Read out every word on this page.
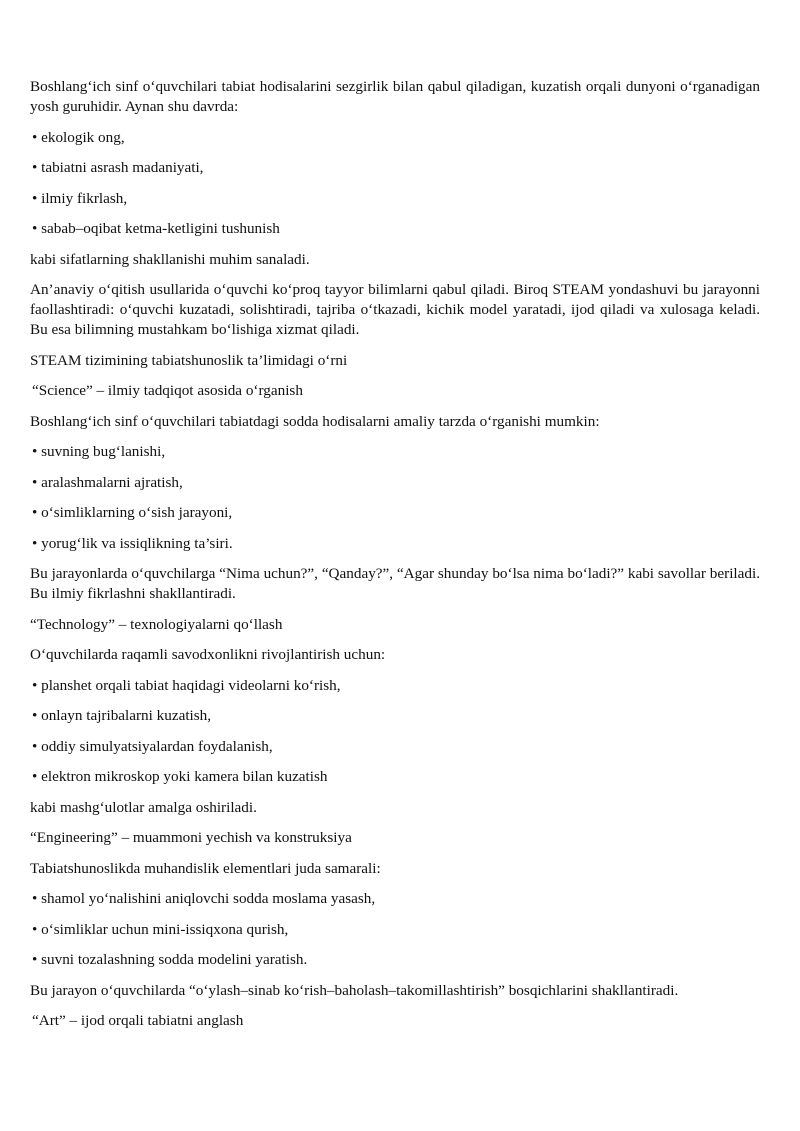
Boshlang‘ich sinf o‘quvchilari tabiat hodisalarini sezgirlik bilan qabul qiladigan, kuzatish orqali dunyoni o‘rganadigan yosh guruhidir. Aynan shu davrda:

• ekologik ong,

• tabiatni asrash madaniyati,

• ilmiy fikrlash,

• sabab–oqibat ketma-ketligini tushunish

kabi sifatlarning shakllanishi muhim sanaladi.

An’anaviy o‘qitish usullarida o‘quvchi ko‘proq tayyor bilimlarni qabul qiladi. Biroq STEAM yondashuvi bu jarayonni faollashtiradi: o‘quvchi kuzatadi, solishtiradi, tajriba o‘tkazadi, kichik model yaratadi, ijod qiladi va xulosaga keladi. Bu esa bilimning mustahkam bo‘lishiga xizmat qiladi.

STEAM tizimining tabiatshunoslik ta’limidagi o‘rni

“Science” – ilmiy tadqiqot asosida o‘rganish

Boshlang‘ich sinf o‘quvchilari tabiatdagi sodda hodisalarni amaliy tarzda o‘rganishi mumkin:

• suvning bug‘lanishi,

• aralashmalarni ajratish,

• o‘simliklarning o‘sish jarayoni,

• yorug‘lik va issiqlikning ta’siri.

Bu jarayonlarda o‘quvchilarga “Nima uchun?”, “Qanday?”, “Agar shunday bo‘lsa nima bo‘ladi?” kabi savollar beriladi. Bu ilmiy fikrlashni shakllantiradi.

“Technology” – texnologiyalarni qo‘llash

O‘quvchilarda raqamli savodxonlikni rivojlantirish uchun:

• planshet orqali tabiat haqidagi videolarni ko‘rish,

• onlayn tajribalarni kuzatish,

• oddiy simulyatsiyalardan foydalanish,

• elektron mikroskop yoki kamera bilan kuzatish

kabi mashg‘ulotlar amalga oshiriladi.

“Engineering” – muammoni yechish va konstruksiya

Tabiatshunoslikda muhandislik elementlari juda samarali:

• shamol yo‘nalishini aniqlovchi sodda moslama yasash,

• o‘simliklar uchun mini-issiqxona qurish,

• suvni tozalashning sodda modelini yaratish.

Bu jarayon o‘quvchilarda “o‘ylash–sinab ko‘rish–baholash–takomillashtirish” bosqichlarini shakllantiradi.

“Art” – ijod orqali tabiatni anglash
